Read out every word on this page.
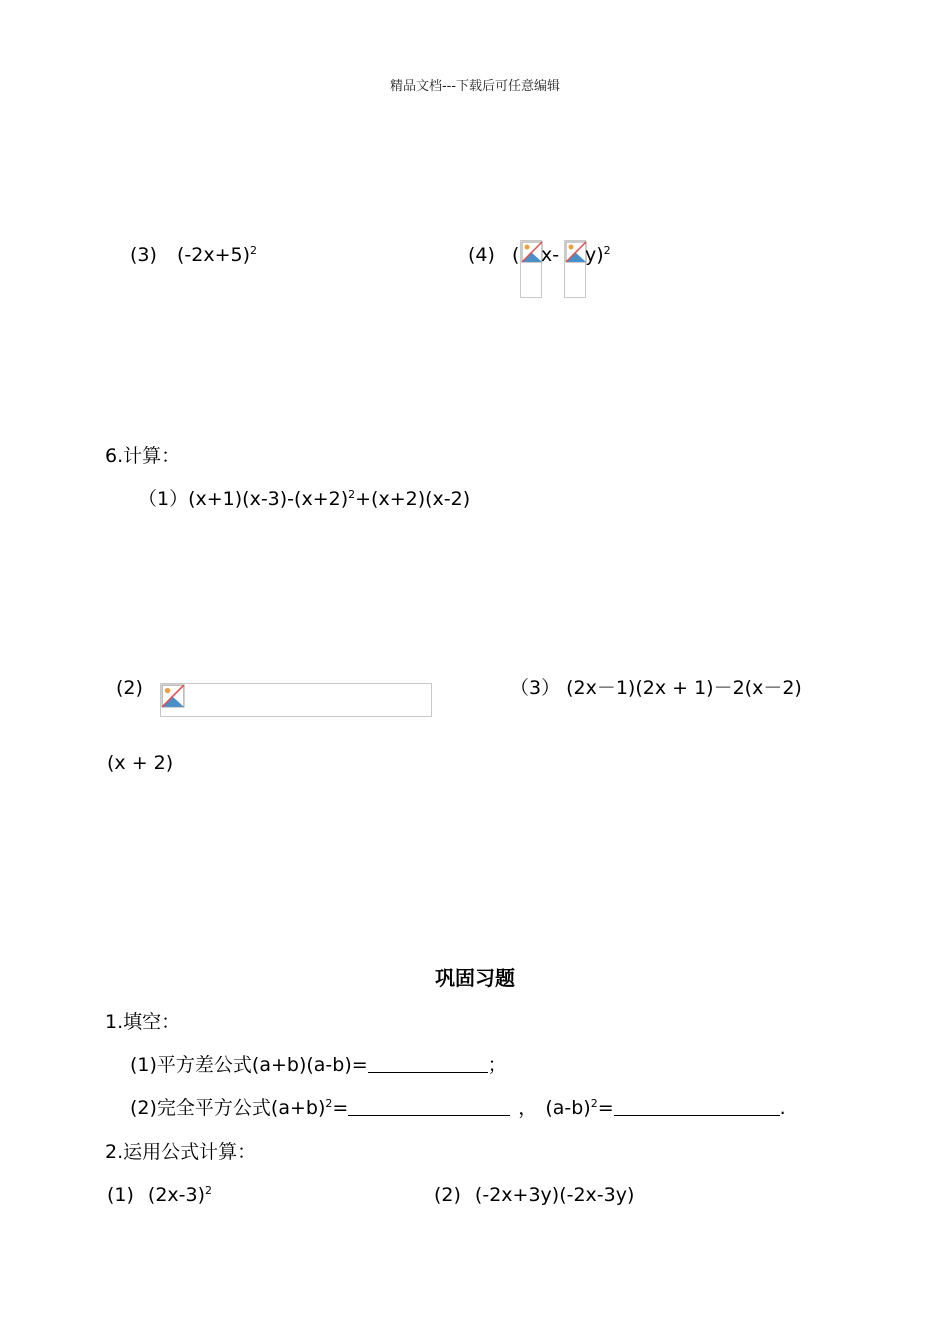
精品文档---下载后可任意编辑
(3) $(-2x+5)^2$	(4) ( x- y)$^2$
6.计算：
$(1)(x+1)(x-3)-(x+2)^2+(x+2)(x-2)$
(2)	（3） (2x－1)(2x + 1)－2(x－2)
(x + 2)
巩固习题
1.填空：
(1)平方差公式(a+b)(a-b)=	；
(2)完全平方公式$(a+b)^2=$	， $(a-b)^2=$	.
2.运用公式计算：
(1) $(2x-3)^2$	(2) (-2x+3y)(-2x-3y)
